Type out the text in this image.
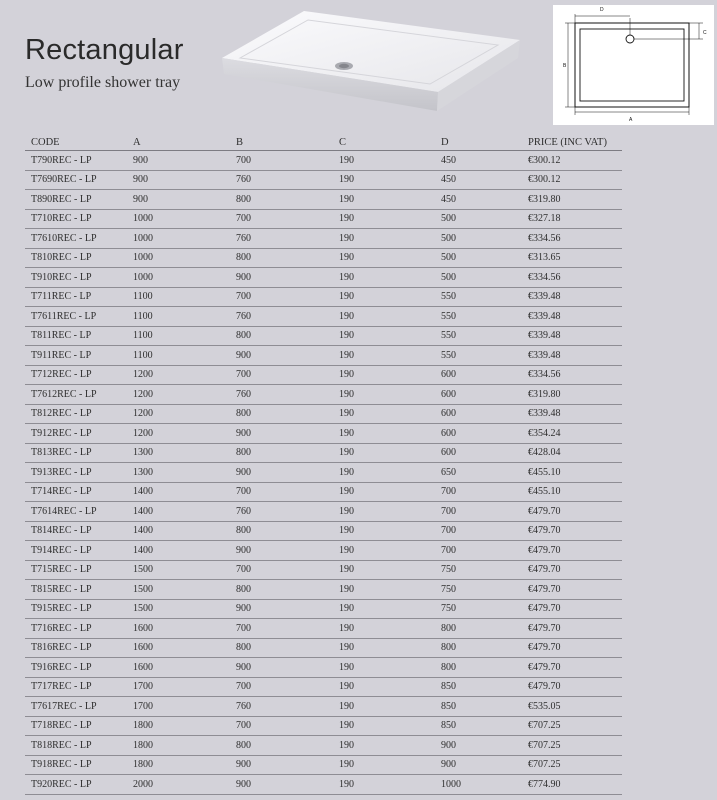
Rectangular

Low profile shower tray

D
C
B
A
CODE	A	B	C	D	PRICE (INC VAT)
T790REC - LP	900	700	190	450	€300.12
T7690REC - LP	900	760	190	450	€300.12
T890REC - LP	900	800	190	450	€319.80
T710REC - LP	1000	700	190	500	€327.18
T7610REC - LP	1000	760	190	500	€334.56
T810REC - LP	1000	800	190	500	€313.65
T910REC - LP	1000	900	190	500	€334.56
T711REC - LP	1100	700	190	550	€339.48
T7611REC - LP	1100	760	190	550	€339.48
T811REC - LP	1100	800	190	550	€339.48
T911REC - LP	1100	900	190	550	€339.48
T712REC - LP	1200	700	190	600	€334.56
T7612REC - LP	1200	760	190	600	€319.80
T812REC - LP	1200	800	190	600	€339.48
T912REC - LP	1200	900	190	600	€354.24
T813REC - LP	1300	800	190	600	€428.04
T913REC - LP	1300	900	190	650	€455.10
T714REC - LP	1400	700	190	700	€455.10
T7614REC - LP	1400	760	190	700	€479.70
T814REC - LP	1400	800	190	700	€479.70
T914REC - LP	1400	900	190	700	€479.70
T715REC - LP	1500	700	190	750	€479.70
T815REC - LP	1500	800	190	750	€479.70
T915REC - LP	1500	900	190	750	€479.70
T716REC - LP	1600	700	190	800	€479.70
T816REC - LP	1600	800	190	800	€479.70
T916REC - LP	1600	900	190	800	€479.70
T717REC - LP	1700	700	190	850	€479.70
T7617REC - LP	1700	760	190	850	€535.05
T718REC - LP	1800	700	190	850	€707.25
T818REC - LP	1800	800	190	900	€707.25
T918REC - LP	1800	900	190	900	€707.25
T920REC - LP	2000	900	190	1000	€774.90
